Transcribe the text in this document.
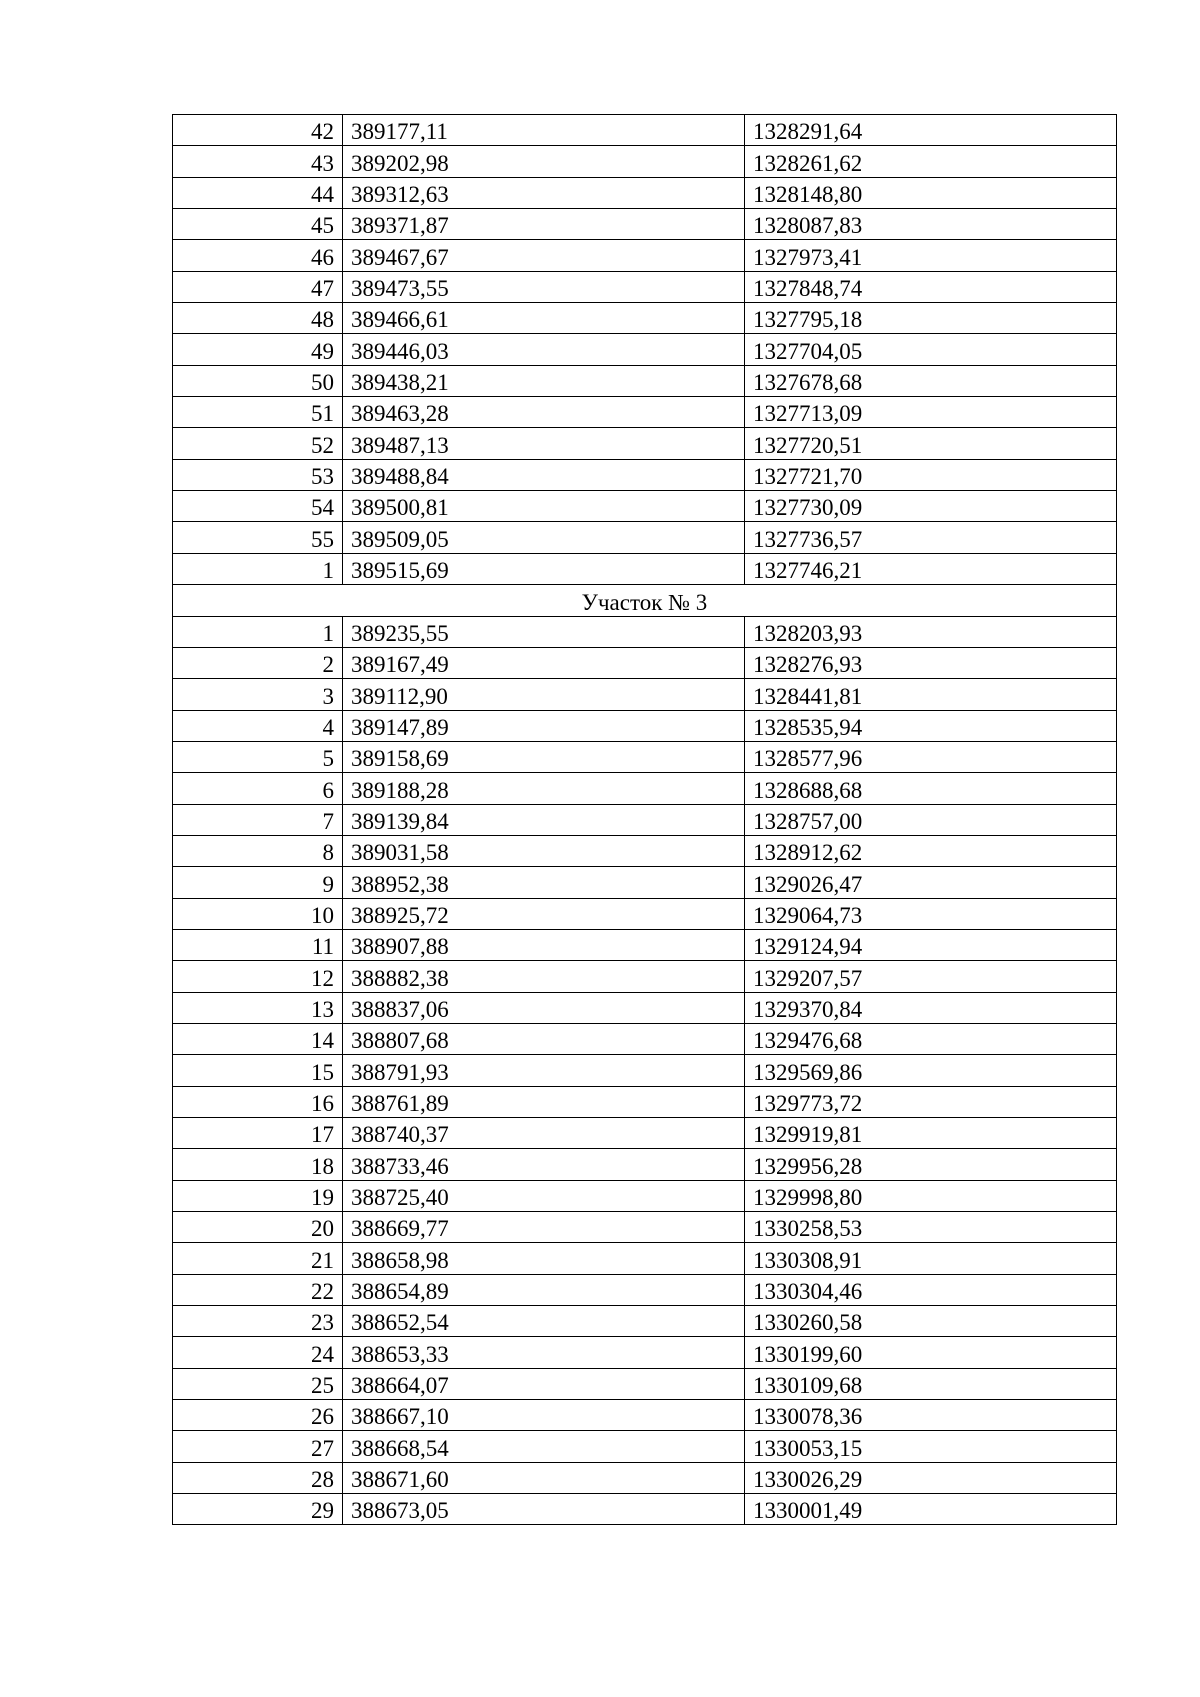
42	389177,11	1328291,64
43	389202,98	1328261,62
44	389312,63	1328148,80
45	389371,87	1328087,83
46	389467,67	1327973,41
47	389473,55	1327848,74
48	389466,61	1327795,18
49	389446,03	1327704,05
50	389438,21	1327678,68
51	389463,28	1327713,09
52	389487,13	1327720,51
53	389488,84	1327721,70
54	389500,81	1327730,09
55	389509,05	1327736,57
1	389515,69	1327746,21
Участок № 3		
1	389235,55	1328203,93
2	389167,49	1328276,93
3	389112,90	1328441,81
4	389147,89	1328535,94
5	389158,69	1328577,96
6	389188,28	1328688,68
7	389139,84	1328757,00
8	389031,58	1328912,62
9	388952,38	1329026,47
10	388925,72	1329064,73
11	388907,88	1329124,94
12	388882,38	1329207,57
13	388837,06	1329370,84
14	388807,68	1329476,68
15	388791,93	1329569,86
16	388761,89	1329773,72
17	388740,37	1329919,81
18	388733,46	1329956,28
19	388725,40	1329998,80
20	388669,77	1330258,53
21	388658,98	1330308,91
22	388654,89	1330304,46
23	388652,54	1330260,58
24	388653,33	1330199,60
25	388664,07	1330109,68
26	388667,10	1330078,36
27	388668,54	1330053,15
28	388671,60	1330026,29
29	388673,05	1330001,49
